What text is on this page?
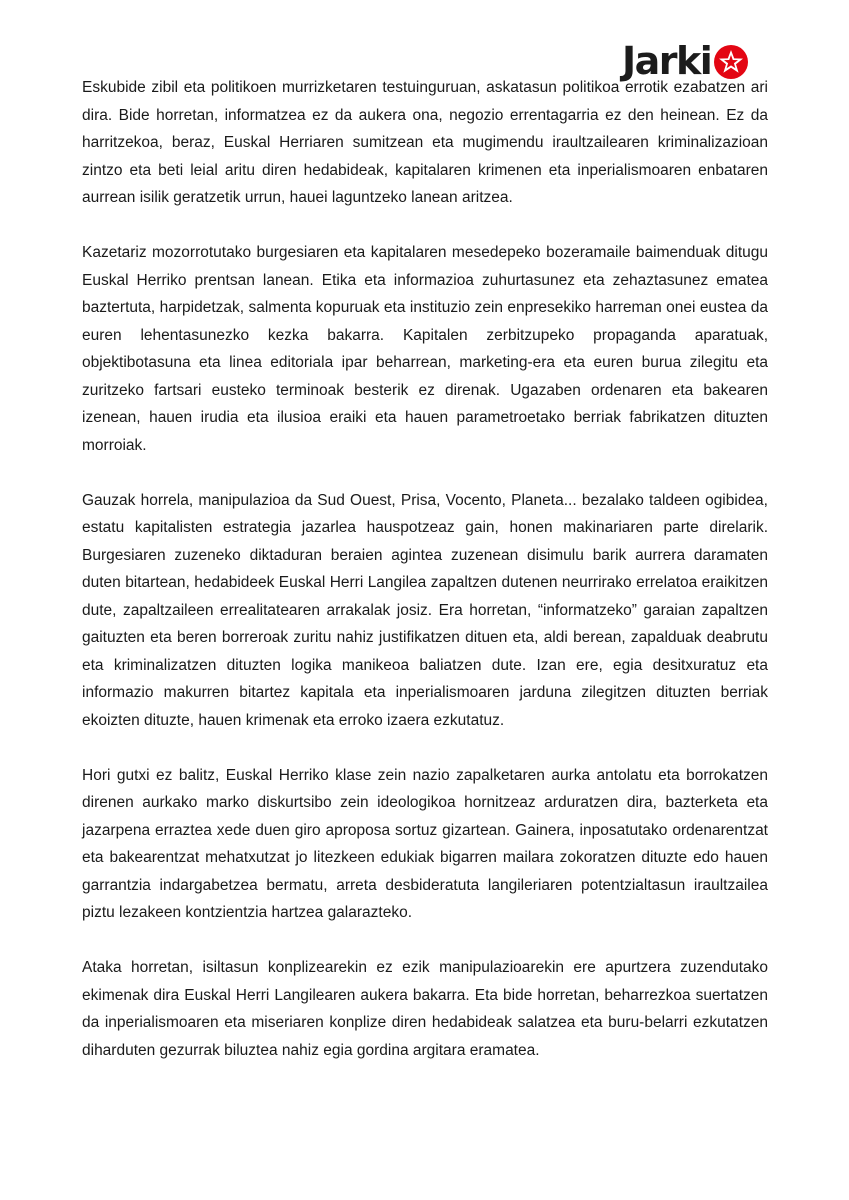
Jarki

Eskubide zibil eta politikoen murrizketaren testuinguruan, askatasun politikoa errotik ezabatzen ari dira. Bide horretan, informatzea ez da aukera ona, negozio errentagarria ez den heinean. Ez da harritzekoa, beraz, Euskal Herriaren sumitzean eta mugimendu iraultzailearen kriminalizazioan zintzo eta beti leial aritu diren hedabideak, kapitalaren krimenen eta inperialismoaren enbataren aurrean isilik geratzetik urrun, hauei laguntzeko lanean aritzea.

Kazetariz mozorrotutako burgesiaren eta kapitalaren mesedepeko bozeramaile baimenduak ditugu Euskal Herriko prentsan lanean. Etika eta informazioa zuhurtasunez eta zehaztasunez ematea baztertuta, harpidetzak, salmenta kopuruak eta instituzio zein enpresekiko harreman onei eustea da euren lehentasunezko kezka bakarra. Kapitalen zerbitzupeko propaganda aparatuak, objektibotasuna eta linea editoriala ipar beharrean, marketing-era eta euren burua zilegitu eta zuritzeko fartsari eusteko terminoak besterik ez direnak. Ugazaben ordenaren eta bakearen izenean, hauen irudia eta ilusioa eraiki eta hauen parametroetako berriak fabrikatzen dituzten morroiak.

Gauzak horrela, manipulazioa da Sud Ouest, Prisa, Vocento, Planeta... bezalako taldeen ogibidea, estatu kapitalisten estrategia jazarlea hauspotzeaz gain, honen makinariaren parte direlarik. Burgesiaren zuzeneko diktaduran beraien agintea zuzenean disimulu barik aurrera daramaten duten bitartean, hedabideek Euskal Herri Langilea zapaltzen dutenen neurrirako errelatoa eraikitzen dute, zapaltzaileen errealitatearen arrakalak josiz. Era horretan, “informatzeko” garaian zapaltzen gaituzten eta beren borreroak zuritu nahiz justifikatzen dituen eta, aldi berean, zapalduak deabrutu eta kriminalizatzen dituzten logika manikeoa baliatzen dute. Izan ere, egia desitxuratuz eta informazio makurren bitartez kapitala eta inperialismoaren jarduna zilegitzen dituzten berriak ekoizten dituzte, hauen krimenak eta erroko izaera ezkutatuz.

Hori gutxi ez balitz, Euskal Herriko klase zein nazio zapalketaren aurka antolatu eta borrokatzen direnen aurkako marko diskurtsibo zein ideologikoa hornitzeaz arduratzen dira, bazterketa eta jazarpena erraztea xede duen giro aproposa sortuz gizartean. Gainera, inposatutako ordenarentzat eta bakearentzat mehatxutzat jo litezkeen edukiak bigarren mailara zokoratzen dituzte edo hauen garrantzia indargabetzea bermatu, arreta desbideratuta langileriaren potentzialtasun iraultzailea piztu lezakeen kontzientzia hartzea galarazteko.

Ataka horretan, isiltasun konplizearekin ez ezik manipulazioarekin ere apurtzera zuzendutako ekimenak dira Euskal Herri Langilearen aukera bakarra. Eta bide horretan, beharrezkoa suertatzen da inperialismoaren eta miseriaren konplize diren hedabideak salatzea eta buru-belarri ezkutatzen diharduten gezurrak biluztea nahiz egia gordina argitara eramatea.
